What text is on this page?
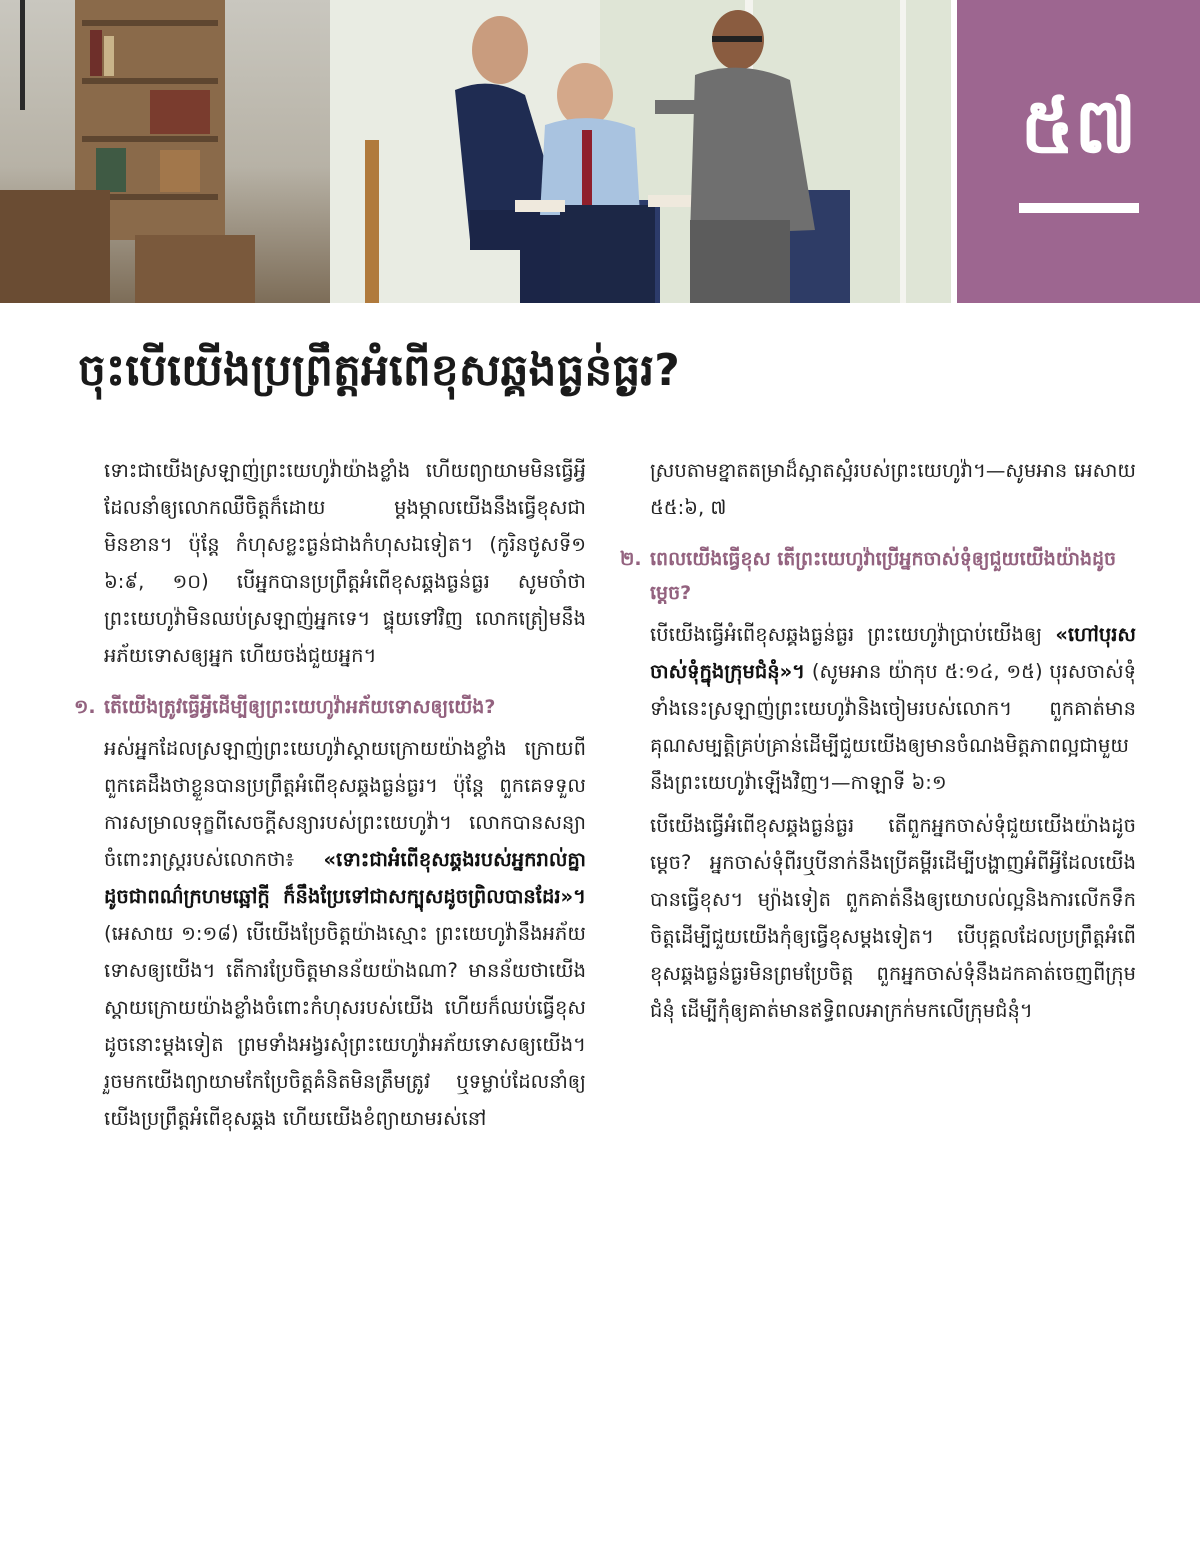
៥៧
ចុះបើយើងប្រព្រឹត្តអំពើខុសឆ្គងធ្ងន់ធ្ងរ?

ទោះជាយើងស្រឡាញ់ព្រះយេហូវ៉ាយ៉ាងខ្លាំង ហើយព្យាយាមមិនធ្វើអ្វីដែលនាំឲ្យលោកឈឺចិត្តក៏ដោយ ម្ដងម្កាលយើងនឹងធ្វើខុសជាមិនខាន។ ប៉ុន្តែ កំហុសខ្លះធ្ងន់ជាងកំហុសឯទៀត។ (កូរិនថូសទី១ ៦:៩, ១០) បើអ្នកបានប្រព្រឹត្តអំពើខុសឆ្គងធ្ងន់ធ្ងរ សូមចាំថាព្រះយេហូវ៉ាមិនឈប់ស្រឡាញ់អ្នកទេ។ ផ្ទុយទៅវិញ លោកត្រៀមនឹងអភ័យទោសឲ្យអ្នក ហើយចង់ជួយអ្នក។

១. តើយើងត្រូវធ្វើអ្វីដើម្បីឲ្យព្រះយេហូវ៉ាអភ័យទោសឲ្យយើង?

អស់អ្នកដែលស្រឡាញ់ព្រះយេហូវ៉ាស្ដាយក្រោយយ៉ាងខ្លាំង ក្រោយពីពួកគេដឹងថាខ្លួនបានប្រព្រឹត្តអំពើខុសឆ្គងធ្ងន់ធ្ងរ។ ប៉ុន្តែ ពួកគេទទួលការសម្រាលទុក្ខពីសេចក្ដីសន្យារបស់ព្រះយេហូវ៉ា។ លោកបានសន្យាចំពោះរាស្ត្ររបស់លោកថា៖ «ទោះជាអំពើខុសឆ្គងរបស់អ្នករាល់គ្នាដូចជាពណ៌ក្រហមឆ្អៅក្ដី ក៏នឹងប្រែទៅជាសក្បុសដូចព្រិលបានដែរ»។ (អេសាយ ១:១៨) បើយើងប្រែចិត្តយ៉ាងស្មោះ ព្រះយេហូវ៉ានឹងអភ័យទោសឲ្យយើង។ តើការប្រែចិត្តមានន័យយ៉ាងណា? មានន័យថាយើងស្ដាយក្រោយយ៉ាងខ្លាំងចំពោះកំហុសរបស់យើង ហើយក៏ឈប់ធ្វើខុសដូចនោះម្ដងទៀត ព្រមទាំងអង្វរសុំព្រះយេហូវ៉ាអភ័យទោសឲ្យយើង។ រួចមកយើងព្យាយាមកែប្រែចិត្តគំនិតមិនត្រឹមត្រូវ ឬទម្លាប់ដែលនាំឲ្យយើងប្រព្រឹត្តអំពើខុសឆ្គង ហើយយើងខំព្យាយាមរស់នៅ

ស្របតាមខ្នាតតម្រាដ៏ស្អាតស្អំរបស់ព្រះយេហូវ៉ា។—សូមអាន អេសាយ ៥៥:៦, ៧

២. ពេលយើងធ្វើខុស តើព្រះយេហូវ៉ាប្រើអ្នកចាស់ទុំឲ្យជួយយើងយ៉ាងដូចម្ដេច?

បើយើងធ្វើអំពើខុសឆ្គងធ្ងន់ធ្ងរ ព្រះយេហូវ៉ាប្រាប់យើងឲ្យ «ហៅបុរសចាស់ទុំក្នុងក្រុមជំនុំ»។ (សូមអាន យ៉ាកុប ៥:១៤, ១៥) បុរសចាស់ទុំទាំងនេះស្រឡាញ់ព្រះយេហូវ៉ានិងចៀមរបស់លោក។ ពួកគាត់មានគុណសម្បត្តិគ្រប់គ្រាន់ដើម្បីជួយយើងឲ្យមានចំណងមិត្តភាពល្អជាមួយនឹងព្រះយេហូវ៉ាឡើងវិញ។—កាឡាទី ៦:១

បើយើងធ្វើអំពើខុសឆ្គងធ្ងន់ធ្ងរ តើពួកអ្នកចាស់ទុំជួយយើងយ៉ាងដូចម្ដេច? អ្នកចាស់ទុំពីរឬបីនាក់នឹងប្រើគម្ពីរដើម្បីបង្ហាញអំពីអ្វីដែលយើងបានធ្វើខុស។ ម្យ៉ាងទៀត ពួកគាត់នឹងឲ្យយោបល់ល្អនិងការលើកទឹកចិត្តដើម្បីជួយយើងកុំឲ្យធ្វើខុសម្ដងទៀត។ បើបុគ្គលដែលប្រព្រឹត្តអំពើខុសឆ្គងធ្ងន់ធ្ងរមិនព្រមប្រែចិត្ត ពួកអ្នកចាស់ទុំនឹងដកគាត់ចេញពីក្រុមជំនុំ ដើម្បីកុំឲ្យគាត់មានឥទ្ធិពលអាក្រក់មកលើក្រុមជំនុំ។
